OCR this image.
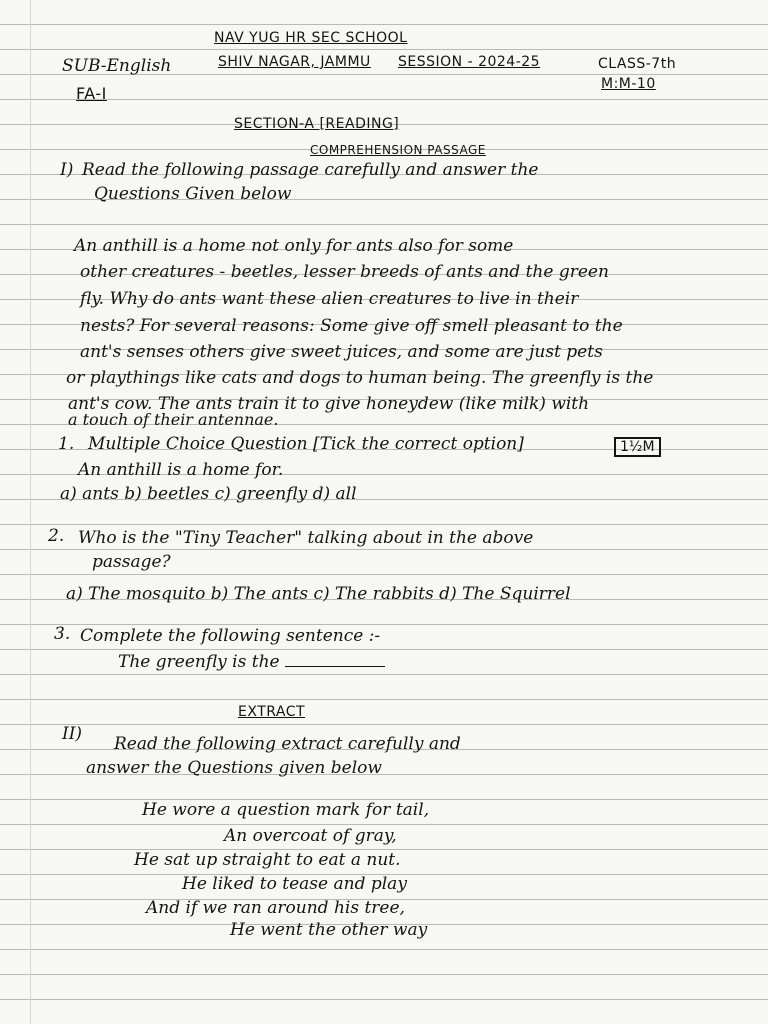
NAV YUG HR SEC SCHOOL
SHIV NAGAR, JAMMU SESSION - 2024-25
SUB-English	CLASS-7th
M:M-10
FA-I
SECTION-A [READING]
COMPREHENSION PASSAGE
I) Read the following passage carefully and answer the
Questions Given below
An anthill is a home not only for ants also for some
other creatures - beetles, lesser breeds of ants and the green
fly. Why do ants want these alien creatures to live in their
nests? For several reasons: Some give off smell pleasant to the
ant's senses others give sweet juices, and some are just pets
or playthings like cats and dogs to human being. The greenfly is the
ant's cow. The ants train it to give honeydew (like milk) with
a touch of their antennae.
1. Multiple Choice Question [Tick the correct option]	1½M
An anthill is a home for.
a) ants b) beetles c) greenfly d) all
2. Who is the "Tiny Teacher" talking about in the above
passage?
a) The mosquito b) The ants c) The rabbits d) The Squirrel
3. Complete the following sentence :-
The greenfly is the
EXTRACT
II) Read the following extract carefully and
answer the Questions given below
He wore a question mark for tail,
An overcoat of gray,
He sat up straight to eat a nut.
He liked to tease and play
And if we ran around his tree,
He went the other way
